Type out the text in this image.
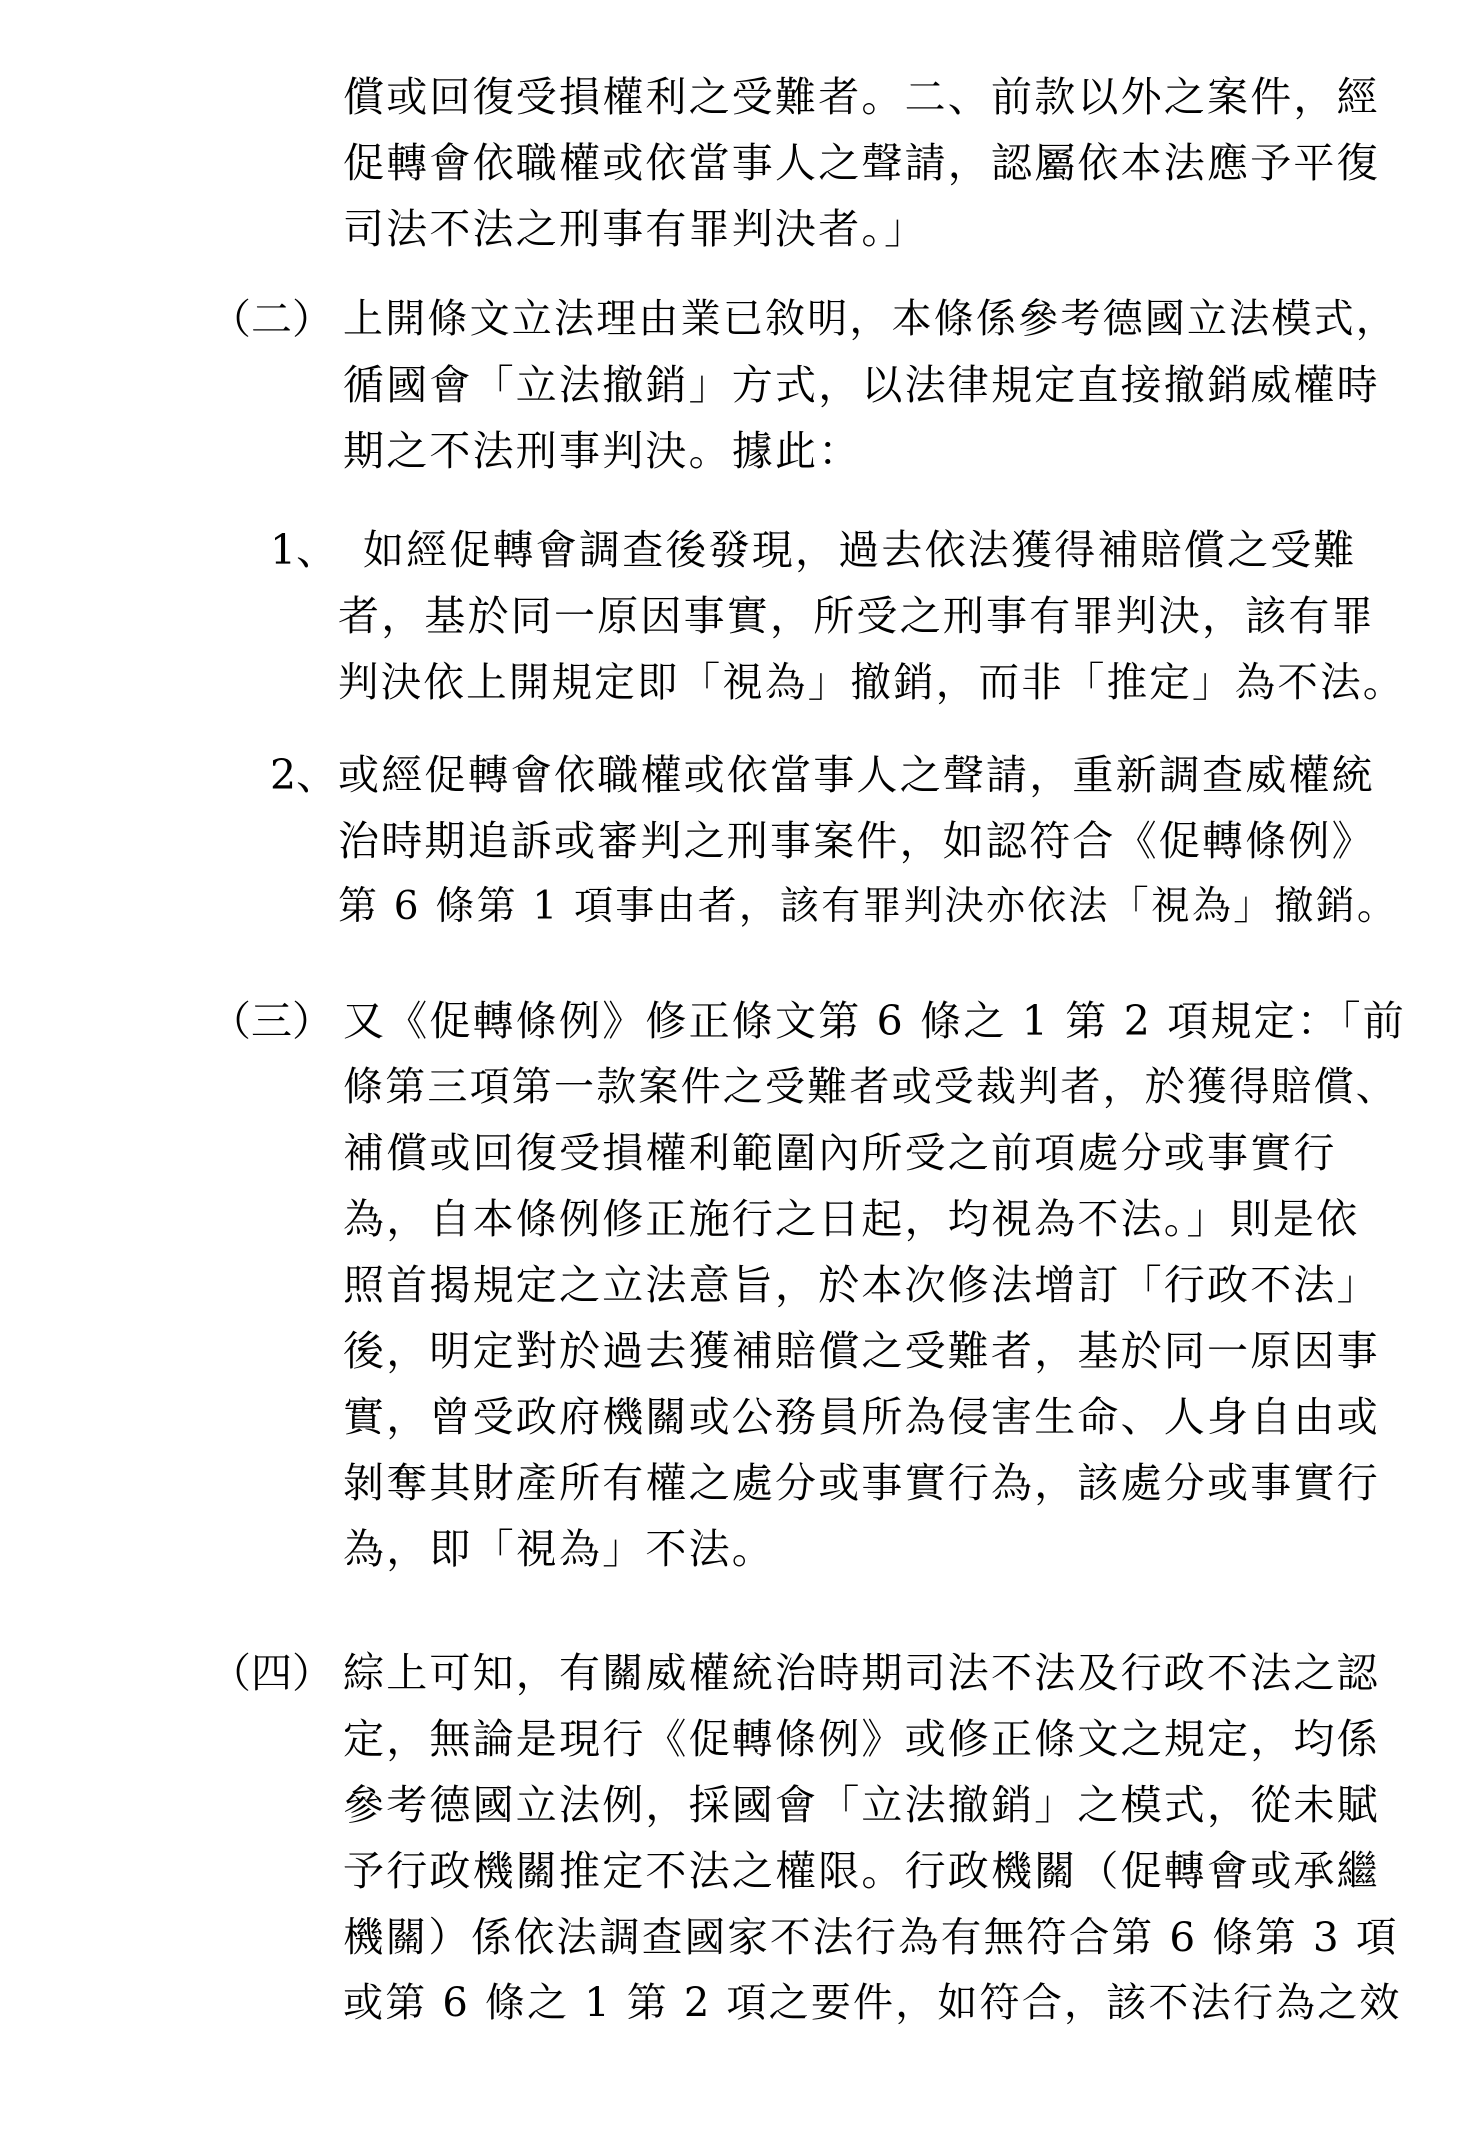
償或回復受損權利之受難者。二、前款以外之案件，經
促轉會依職權或依當事人之聲請，認屬依本法應予平復
司法不法之刑事有罪判決者。」
（二） 上開條文立法理由業已敘明，本條係參考德國立法模式，
循國會「立法撤銷」方式，以法律規定直接撤銷威權時
期之不法刑事判決。據此：
1、 如經促轉會調查後發現，過去依法獲得補賠償之受難
者，基於同一原因事實，所受之刑事有罪判決，該有罪
判決依上開規定即「視為」撤銷，而非「推定」為不法。
2、 或經促轉會依職權或依當事人之聲請，重新調查威權統
治時期追訴或審判之刑事案件，如認符合《促轉條例》
第 6 條第 1 項事由者，該有罪判決亦依法「視為」撤銷。
（三） 又《促轉條例》修正條文第 6 條之 1 第 2 項規定：「前
條第三項第一款案件之受難者或受裁判者，於獲得賠償、
補償或回復受損權利範圍內所受之前項處分或事實行
為，自本條例修正施行之日起，均視為不法。」則是依
照首揭規定之立法意旨，於本次修法增訂「行政不法」
後，明定對於過去獲補賠償之受難者，基於同一原因事
實，曾受政府機關或公務員所為侵害生命、人身自由或
剝奪其財產所有權之處分或事實行為，該處分或事實行
為，即「視為」不法。
（四） 綜上可知，有關威權統治時期司法不法及行政不法之認
定，無論是現行《促轉條例》或修正條文之規定，均係
參考德國立法例，採國會「立法撤銷」之模式，從未賦
予行政機關推定不法之權限。行政機關（促轉會或承繼
機關）係依法調查國家不法行為有無符合第 6 條第 3 項
或第 6 條之 1 第 2 項之要件，如符合，該不法行為之效
